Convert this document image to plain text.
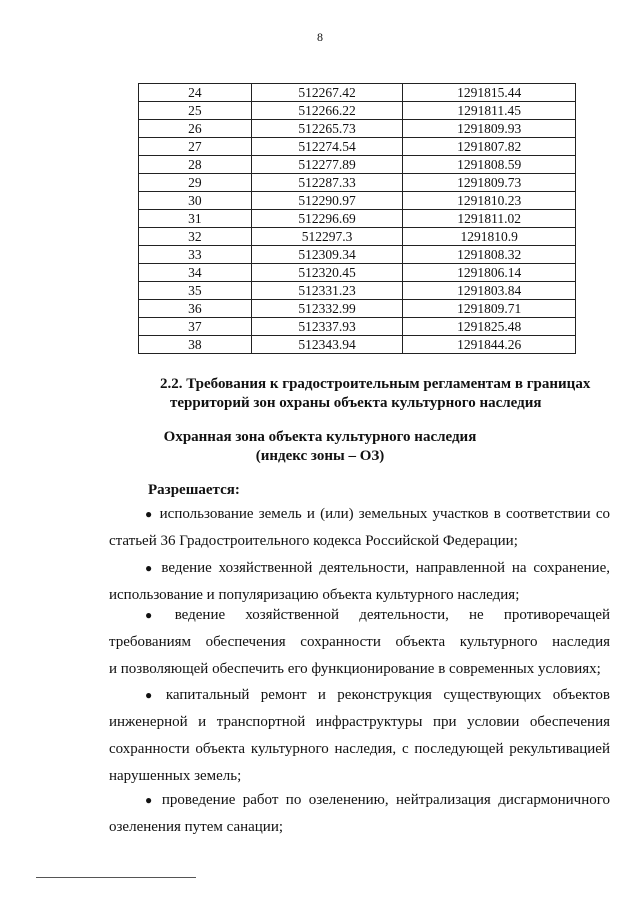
8
24	512267.42	1291815.44
25	512266.22	1291811.45
26	512265.73	1291809.93
27	512274.54	1291807.82
28	512277.89	1291808.59
29	512287.33	1291809.73
30	512290.97	1291810.23
31	512296.69	1291811.02
32	512297.3	1291810.9
33	512309.34	1291808.32
34	512320.45	1291806.14
35	512331.23	1291803.84
36	512332.99	1291809.71
37	512337.93	1291825.48
38	512343.94	1291844.26
2.2. Требования к градостроительным регламентам в границах
территорий зон охраны объекта культурного наследия
Охранная зона объекта культурного наследия
(индекс зоны – ОЗ)
Разрешается:
● использование земель и (или) земельных участков в соответствии со
статьей 36 Градостроительного кодекса Российской Федерации;
● ведение хозяйственной деятельности, направленной на сохранение,
использование и популяризацию объекта культурного наследия;
● ведение хозяйственной деятельности, не противоречащей
требованиям обеспечения сохранности объекта культурного наследия
и позволяющей обеспечить его функционирование в современных условиях;
● капитальный ремонт и реконструкция существующих объектов
инженерной и транспортной инфраструктуры при условии обеспечения
сохранности объекта культурного наследия, с последующей рекультивацией
нарушенных земель;
● проведение работ по озеленению, нейтрализация дисгармоничного
озеленения путем санации;
